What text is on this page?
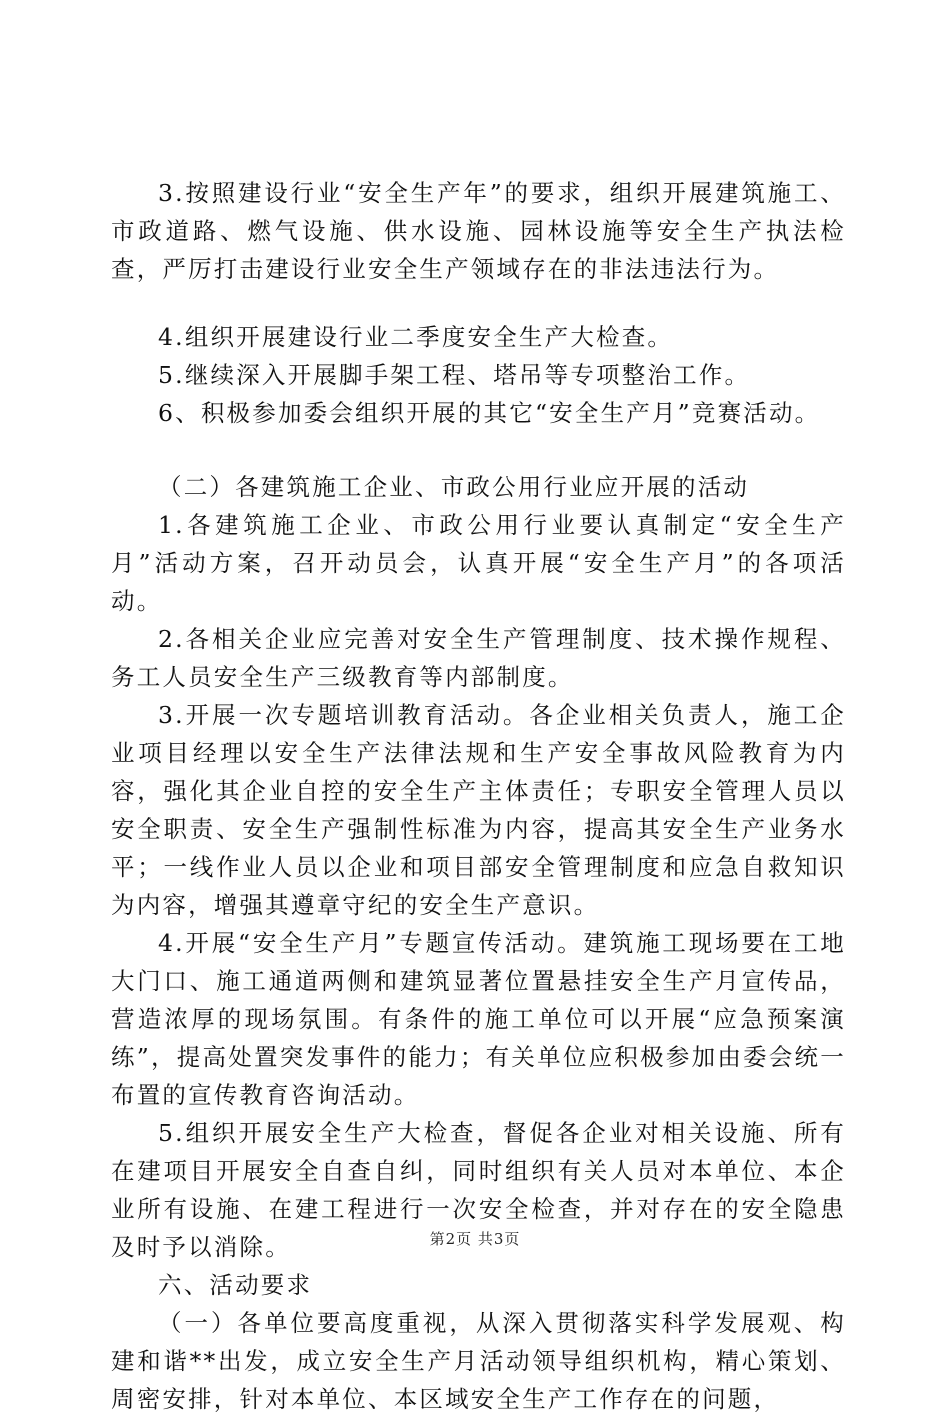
3.按照建设行业“安全生产年”的要求，组织开展建筑施工、市政道路、燃气设施、供水设施、园林设施等安全生产执法检查，严厉打击建设行业安全生产领域存在的非法违法行为。

4.组织开展建设行业二季度安全生产大检查。

5.继续深入开展脚手架工程、塔吊等专项整治工作。

6、积极参加委会组织开展的其它“安全生产月”竞赛活动。

（二）各建筑施工企业、市政公用行业应开展的活动

1.各建筑施工企业、市政公用行业要认真制定“安全生产月”活动方案，召开动员会，认真开展“安全生产月”的各项活动。

2.各相关企业应完善对安全生产管理制度、技术操作规程、务工人员安全生产三级教育等内部制度。

3.开展一次专题培训教育活动。各企业相关负责人，施工企业项目经理以安全生产法律法规和生产安全事故风险教育为内容，强化其企业自控的安全生产主体责任；专职安全管理人员以安全职责、安全生产强制性标准为内容，提高其安全生产业务水平；一线作业人员以企业和项目部安全管理制度和应急自救知识为内容，增强其遵章守纪的安全生产意识。

4.开展“安全生产月”专题宣传活动。建筑施工现场要在工地大门口、施工通道两侧和建筑显著位置悬挂安全生产月宣传品，营造浓厚的现场氛围。有条件的施工单位可以开展“应急预案演练”，提高处置突发事件的能力；有关单位应积极参加由委会统一布置的宣传教育咨询活动。

5.组织开展安全生产大检查，督促各企业对相关设施、所有在建项目开展安全自查自纠，同时组织有关人员对本单位、本企业所有设施、在建工程进行一次安全检查，并对存在的安全隐患及时予以消除。

六、活动要求

（一）各单位要高度重视，从深入贯彻落实科学发展观、构建和谐**出发，成立安全生产月活动领导组织机构，精心策划、周密安排，针对本单位、本区域安全生产工作存在的问题，

第2页 共3页
